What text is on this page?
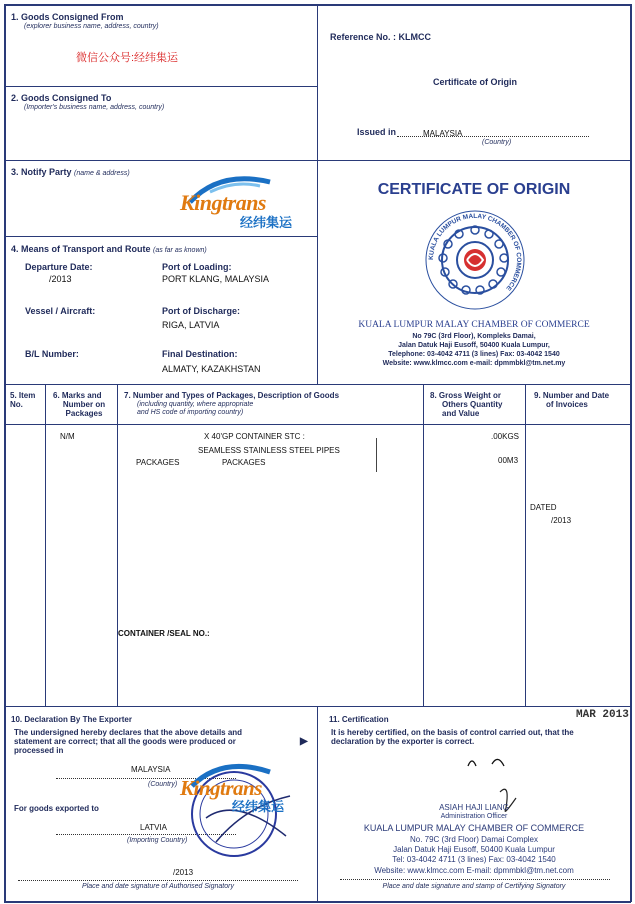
1. Goods Consigned From
(explorer business name, address, country)
微信公众号:经纬集运
Reference No. : KLMCC
Certificate of Origin
Issued in	MALAYSIA
(Country)
2. Goods Consigned To
(Importer's business name, address, country)
3. Notify Party (name & address)
Kingtrans
经纬集运
CERTIFICATE OF ORIGIN
KUALA LUMPUR MALAY CHAMBER OF COMMERCE
KUALA LUMPUR MALAY CHAMBER OF COMMERCE
No 79C (3rd Floor), Kompleks Damai,
Jalan Datuk Haji Eusoff, 50400 Kuala Lumpur,
Telephone: 03-4042 4711 (3 lines) Fax: 03-4042 1540
Website: www.klmcc.com e-mail: dpmmbkl@tm.net.my
4. Means of Transport and Route (as far as known)
Departure Date:
/2013
Port of Loading:
PORT KLANG, MALAYSIA
Vessel / Aircraft:	Port of Discharge:
RIGA, LATVIA
B/L Number:	Final Destination:
ALMATY, KAZAKHSTAN
5. Item No.
6. Marks and
Number on
Packages
7. Number and Types of Packages, Description of Goods
(including quantity, where appropriate
and HS code of importing country)
8. Gross Weight or
Others Quantity
and Value
9. Number and Date
of Invoices
N/M	X 40'GP CONTAINER STC :
SEAMLESS STAINLESS STEEL PIPES
PACKAGES	PACKAGES
.00KGS
00M3
DATED
/2013
CONTAINER /SEAL NO.:
10. Declaration By The Exporter
The undersigned hereby declares that the above details and
statement are correct; that all the goods were produced or
processed in
▶
MALAYSIA
(Country)
For goods exported to
LATVIA
(Importing Country)
/2013
Place and date signature of Authorised Signatory
Kingtrans
经纬集运
11. Certification	MAR 2013
It is hereby certified, on the basis of control carried out, that the
declaration by the exporter is correct.
ASIAH HAJI LIANG
Administration Officer
KUALA LUMPUR MALAY CHAMBER OF COMMERCE
No. 79C (3rd Floor) Damai Complex
Jalan Datuk Haji Eusoff, 50400 Kuala Lumpur
Tel: 03-4042 4711 (3 lines) Fax: 03-4042 1540
Website: www.klmcc.com E-mail: dpmmbkl@tm.net.com
Place and date signature and stamp of Certifying Signatory
